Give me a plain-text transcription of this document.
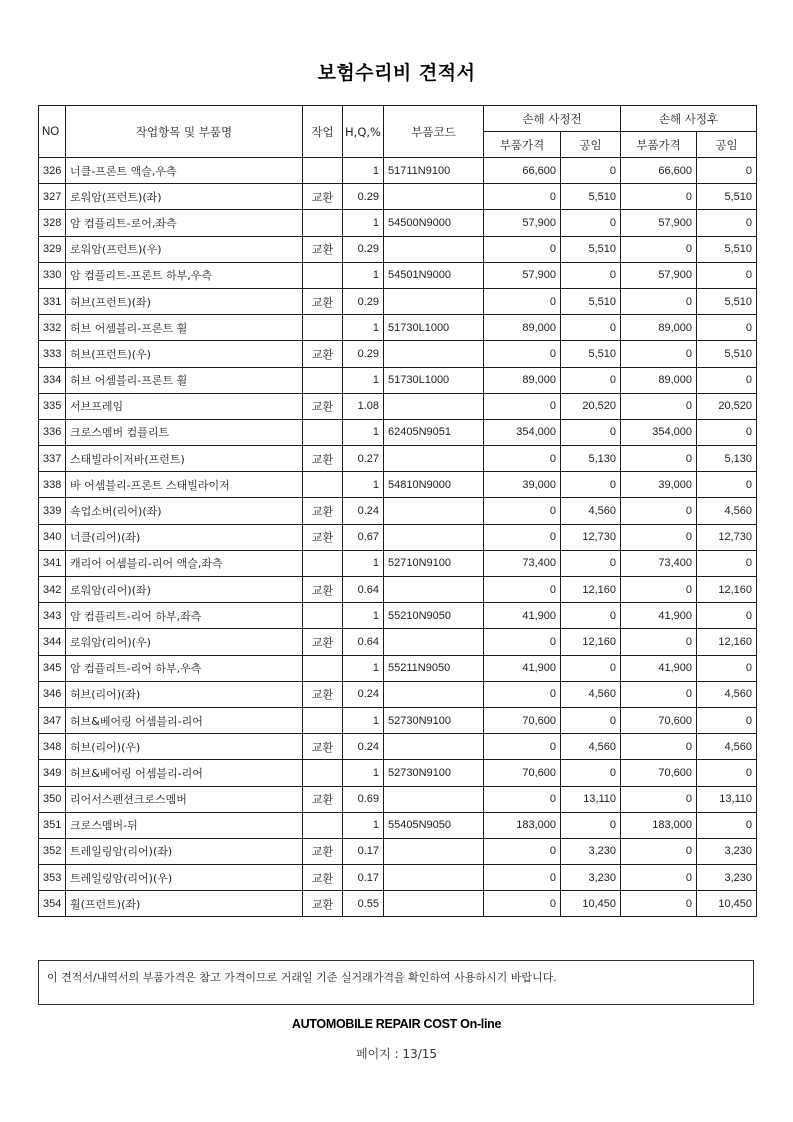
보험수리비 견적서
NO	작업항목 및 부품명	작업	H,Q,%	부품코드	손해 사정전		손해 사정후	
					부품가격	공임	부품가격	공임
326	너클-프론트 액슬,우측		1	51711N9100	66,600	0	66,600	0
327	로워암(프런트)(좌)	교환	0.29		0	5,510	0	5,510
328	암 컴플리트-로어,좌측		1	54500N9000	57,900	0	57,900	0
329	로워암(프런트)(우)	교환	0.29		0	5,510	0	5,510
330	암 컴플리트-프론트 하부,우측		1	54501N9000	57,900	0	57,900	0
331	허브(프런트)(좌)	교환	0.29		0	5,510	0	5,510
332	허브 어셈블리-프론트 휠		1	51730L1000	89,000	0	89,000	0
333	허브(프런트)(우)	교환	0.29		0	5,510	0	5,510
334	허브 어셈블리-프론트 휠		1	51730L1000	89,000	0	89,000	0
335	서브프레임	교환	1.08		0	20,520	0	20,520
336	크로스멤버 컴플리트		1	62405N9051	354,000	0	354,000	0
337	스태빌라이저바(프런트)	교환	0.27		0	5,130	0	5,130
338	바 어셈블리-프론트 스태빌라이저		1	54810N9000	39,000	0	39,000	0
339	쇽업소버(리어)(좌)	교환	0.24		0	4,560	0	4,560
340	너클(리어)(좌)	교환	0.67		0	12,730	0	12,730
341	캐리어 어셈블리-리어 액슬,좌측		1	52710N9100	73,400	0	73,400	0
342	로워암(리어)(좌)	교환	0.64		0	12,160	0	12,160
343	암 컴플리트-리어 하부,좌측		1	55210N9050	41,900	0	41,900	0
344	로워암(리어)(우)	교환	0.64		0	12,160	0	12,160
345	암 컴플리트-리어 하부,우측		1	55211N9050	41,900	0	41,900	0
346	허브(리어)(좌)	교환	0.24		0	4,560	0	4,560
347	허브&베어링 어셈블리-리어		1	52730N9100	70,600	0	70,600	0
348	허브(리어)(우)	교환	0.24		0	4,560	0	4,560
349	허브&베어링 어셈블리-리어		1	52730N9100	70,600	0	70,600	0
350	리어서스펜션크로스멤버	교환	0.69		0	13,110	0	13,110
351	크로스멤버-뒤		1	55405N9050	183,000	0	183,000	0
352	트레일링암(리어)(좌)	교환	0.17		0	3,230	0	3,230
353	트레일링암(리어)(우)	교환	0.17		0	3,230	0	3,230
354	휠(프런트)(좌)	교환	0.55		0	10,450	0	10,450
이 견적서/내역서의 부품가격은 참고 가격이므로 거래일 기준 실거래가격을 확인하여 사용하시기 바랍니다.
AUTOMOBILE REPAIR COST On-line
페이지 : 13/15
